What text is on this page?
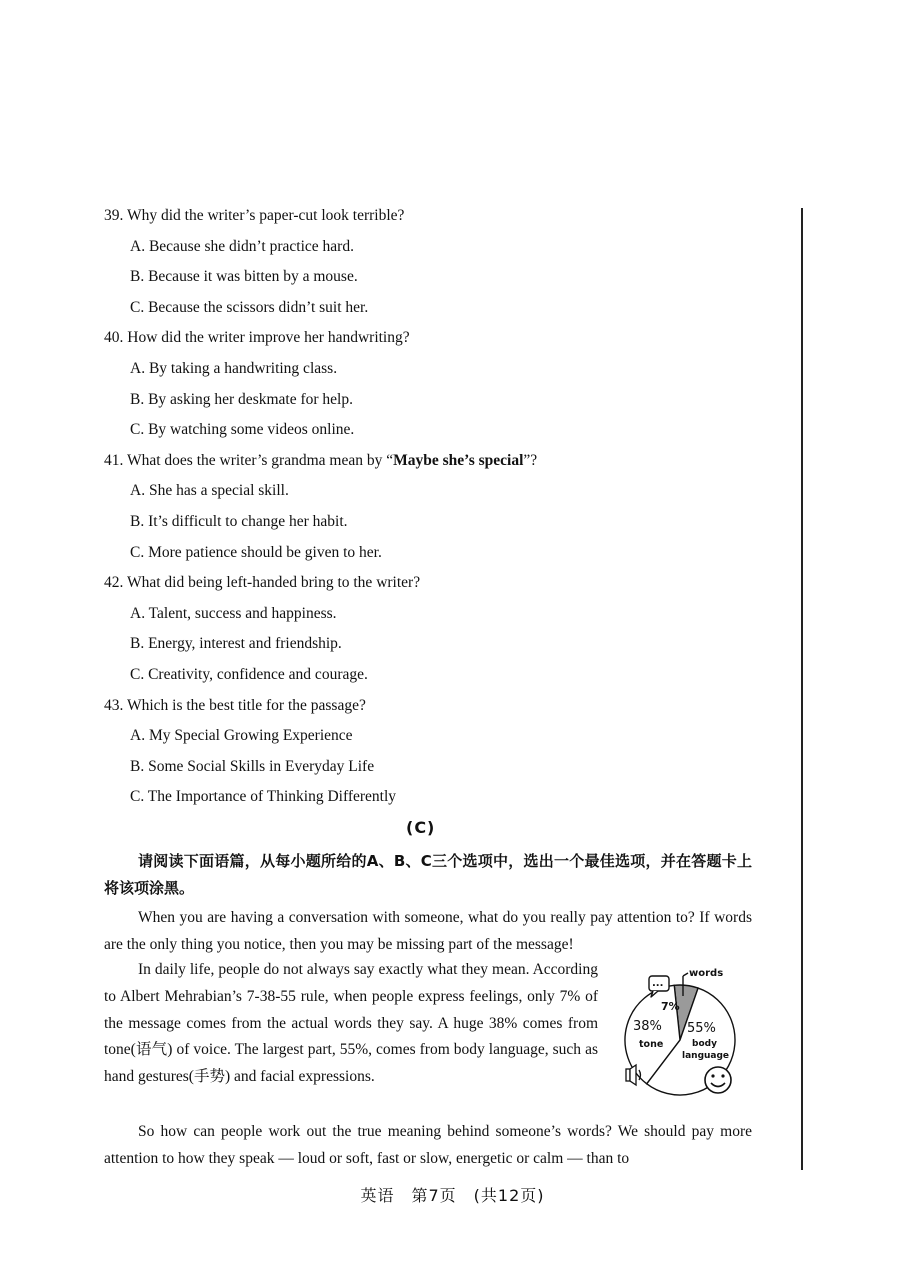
39. Why did the writer’s paper-cut look terrible?
A. Because she didn’t practice hard.
B. Because it was bitten by a mouse.
C. Because the scissors didn’t suit her.
40. How did the writer improve her handwriting?
A. By taking a handwriting class.
B. By asking her deskmate for help.
C. By watching some videos online.
41. What does the writer’s grandma mean by “Maybe she’s special”?
A. She has a special skill.
B. It’s difficult to change her habit.
C. More patience should be given to her.
42. What did being left-handed bring to the writer?
A. Talent, success and happiness.
B. Energy, interest and friendship.
C. Creativity, confidence and courage.
43. Which is the best title for the passage?
A. My Special Growing Experience
B. Some Social Skills in Everyday Life
C. The Importance of Thinking Differently
(C)
请阅读下面语篇，从每小题所给的A、B、C三个选项中，选出一个最佳选项，并在答题卡上将该项涂黑。
When you are having a conversation with someone, what do you really pay attention to? If words are the only thing you notice, then you may be missing part of the message!
In daily life, people do not always say exactly what they mean. According to Albert Mehrabian’s 7-38-55 rule, when people express feelings, only 7% of the message comes from the actual words they say. A huge 38% comes from tone(语气) of voice. The largest part, 55%, comes from body language, such as hand gestures(手势) and facial expressions.
words
...
7%
38%
tone
55%
body
language
So how can people work out the true meaning behind someone’s words? We should pay more attention to how they speak — loud or soft, fast or slow, energetic or calm — than to
英语　第7页　(共12页)
